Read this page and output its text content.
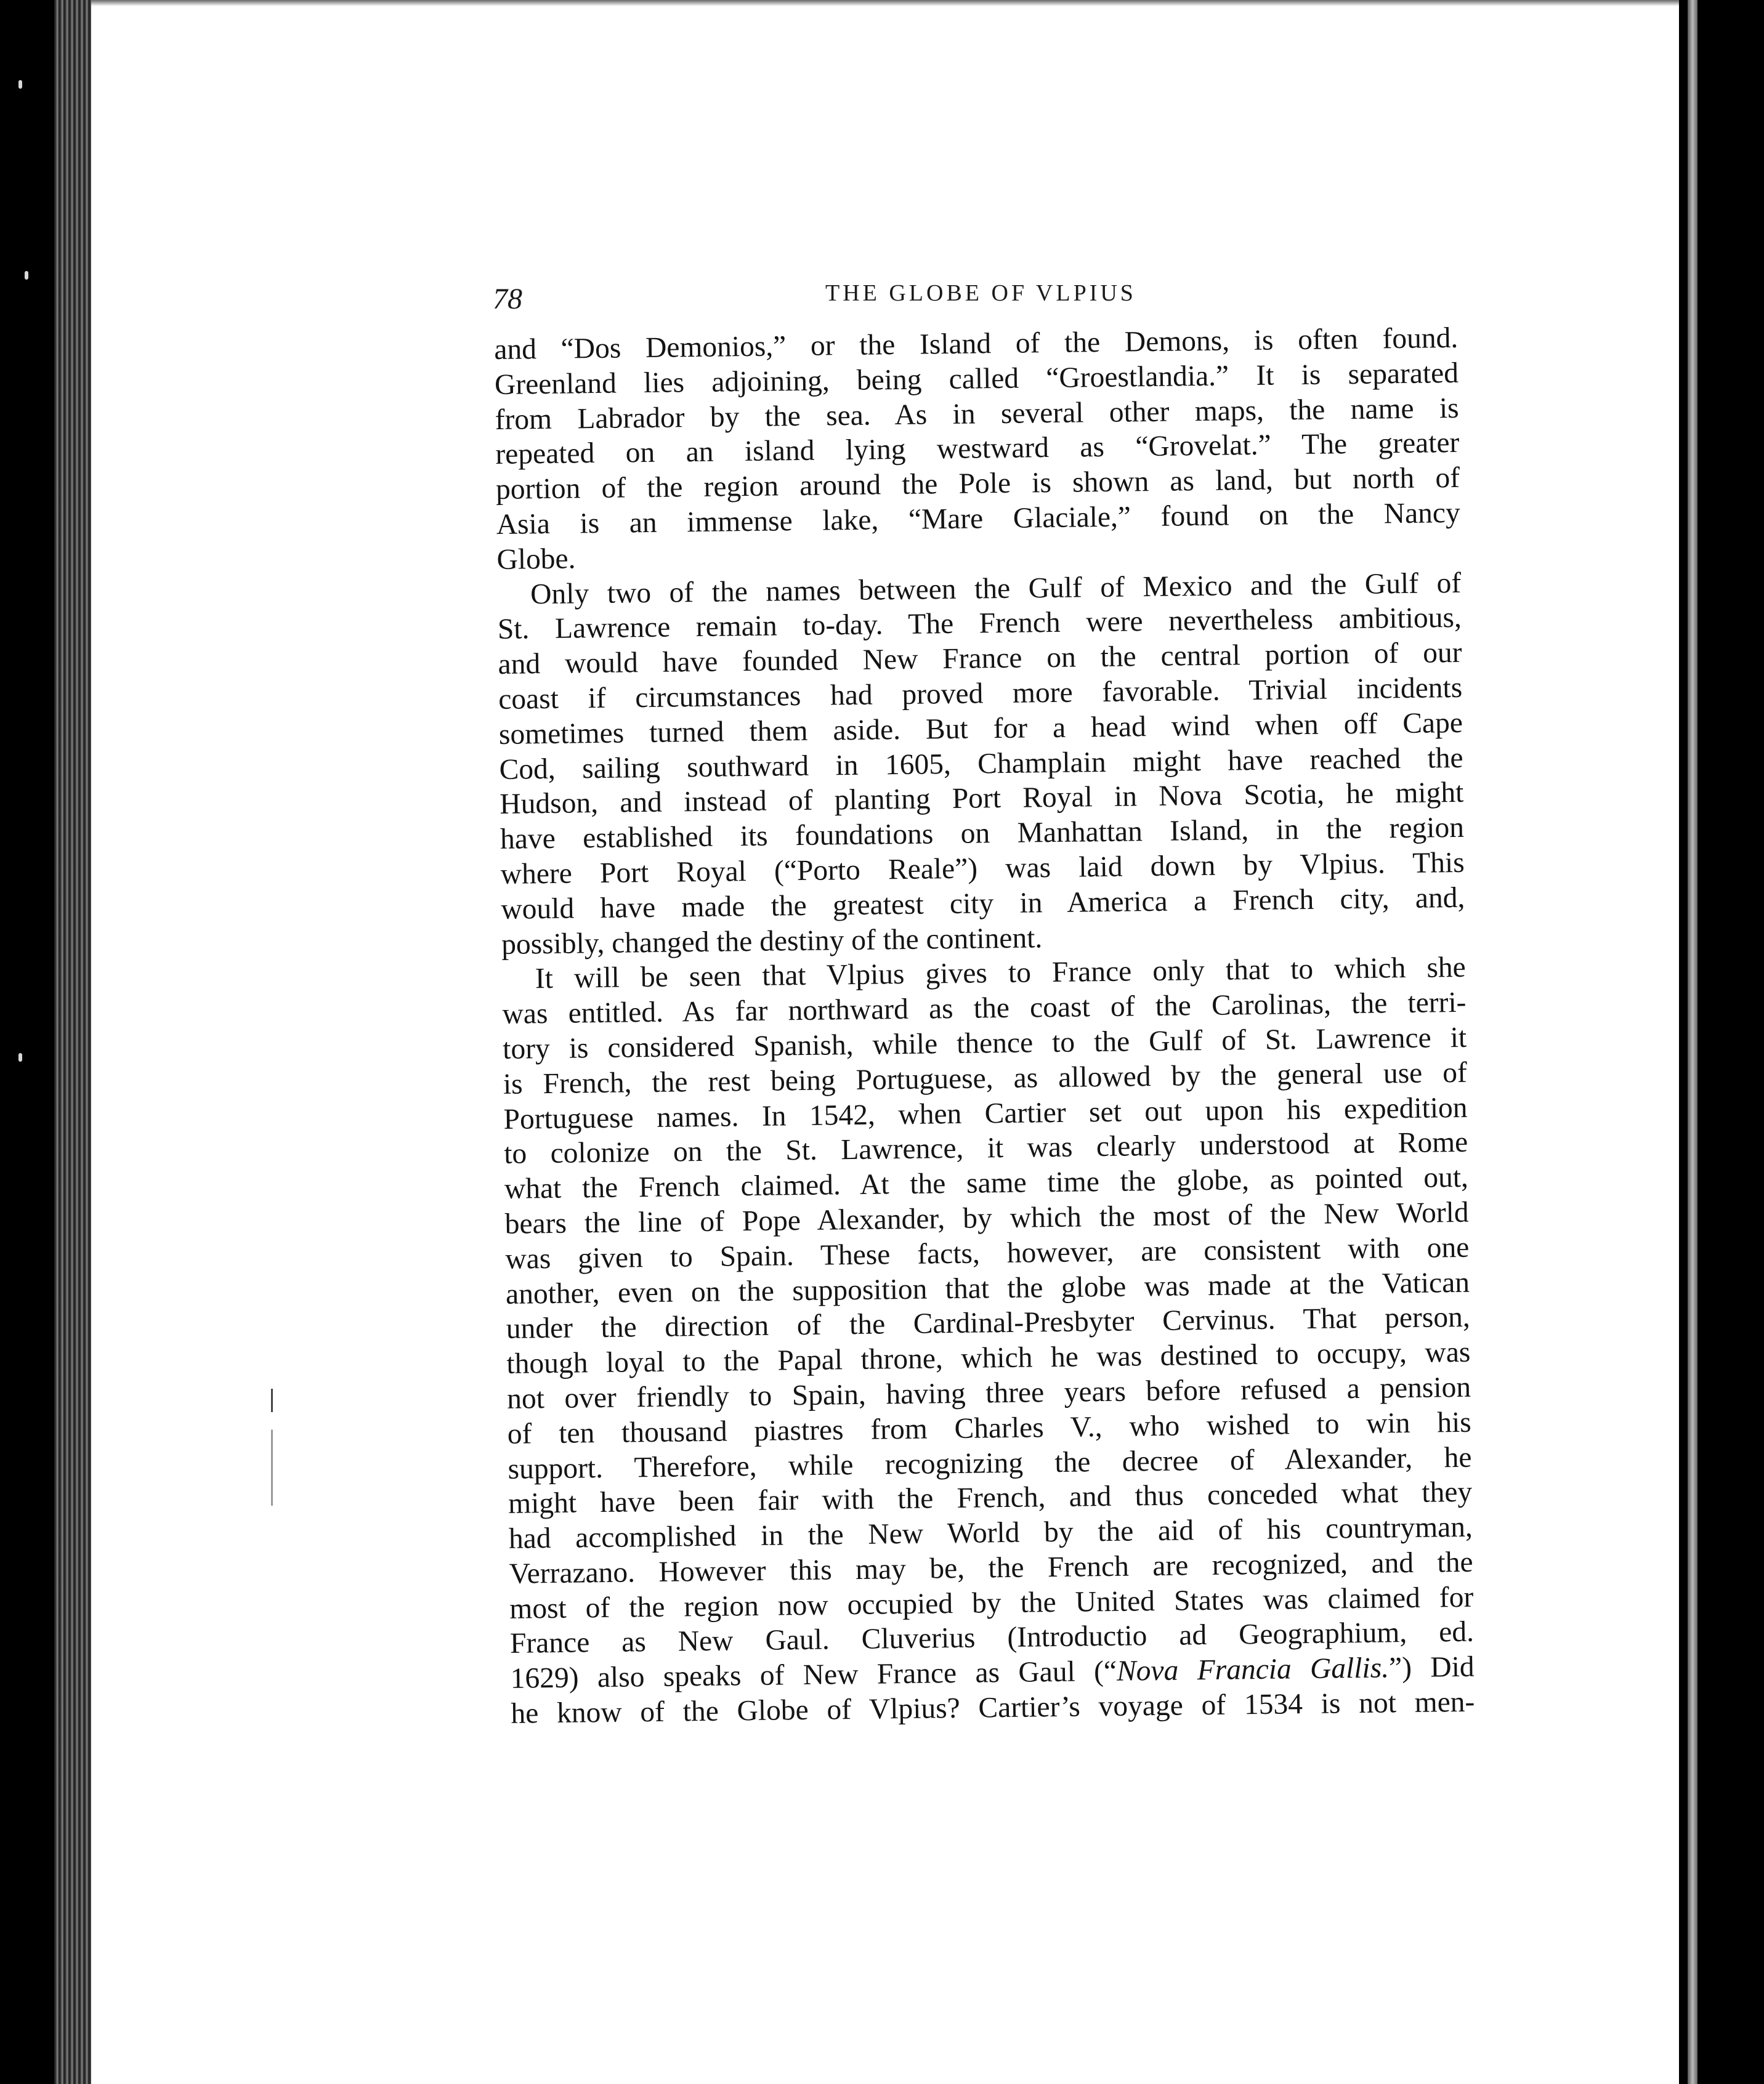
78	THE GLOBE OF VLPIUS
and “Dos Demonios,” or the Island of the Demons, is often found.
Greenland lies adjoining, being called “Groestlandia.” It is separated
from Labrador by the sea. As in several other maps, the name is
repeated on an island lying westward as “Grovelat.” The greater
portion of the region around the Pole is shown as land, but north of
Asia is an immense lake, “Mare Glaciale,” found on the Nancy
Globe.
Only two of the names between the Gulf of Mexico and the Gulf of
St. Lawrence remain to-day. The French were nevertheless ambitious,
and would have founded New France on the central portion of our
coast if circumstances had proved more favorable. Trivial incidents
sometimes turned them aside. But for a head wind when off Cape
Cod, sailing southward in 1605, Champlain might have reached the
Hudson, and instead of planting Port Royal in Nova Scotia, he might
have established its foundations on Manhattan Island, in the region
where Port Royal (“Porto Reale”) was laid down by Vlpius. This
would have made the greatest city in America a French city, and,
possibly, changed the destiny of the continent.
It will be seen that Vlpius gives to France only that to which she
was entitled. As far northward as the coast of the Carolinas, the terri-
tory is considered Spanish, while thence to the Gulf of St. Lawrence it
is French, the rest being Portuguese, as allowed by the general use of
Portuguese names. In 1542, when Cartier set out upon his expedition
to colonize on the St. Lawrence, it was clearly understood at Rome
what the French claimed. At the same time the globe, as pointed out,
bears the line of Pope Alexander, by which the most of the New World
was given to Spain. These facts, however, are consistent with one
another, even on the supposition that the globe was made at the Vatican
under the direction of the Cardinal-Presbyter Cervinus. That person,
though loyal to the Papal throne, which he was destined to occupy, was
not over friendly to Spain, having three years before refused a pension
of ten thousand piastres from Charles V., who wished to win his
support. Therefore, while recognizing the decree of Alexander, he
might have been fair with the French, and thus conceded what they
had accomplished in the New World by the aid of his countryman,
Verrazano. However this may be, the French are recognized, and the
most of the region now occupied by the United States was claimed for
France as New Gaul. Cluverius (Introductio ad Geographium, ed.
1629) also speaks of New France as Gaul (“Nova Francia Gallis.”) Did
he know of the Globe of Vlpius? Cartier’s voyage of 1534 is not men-
